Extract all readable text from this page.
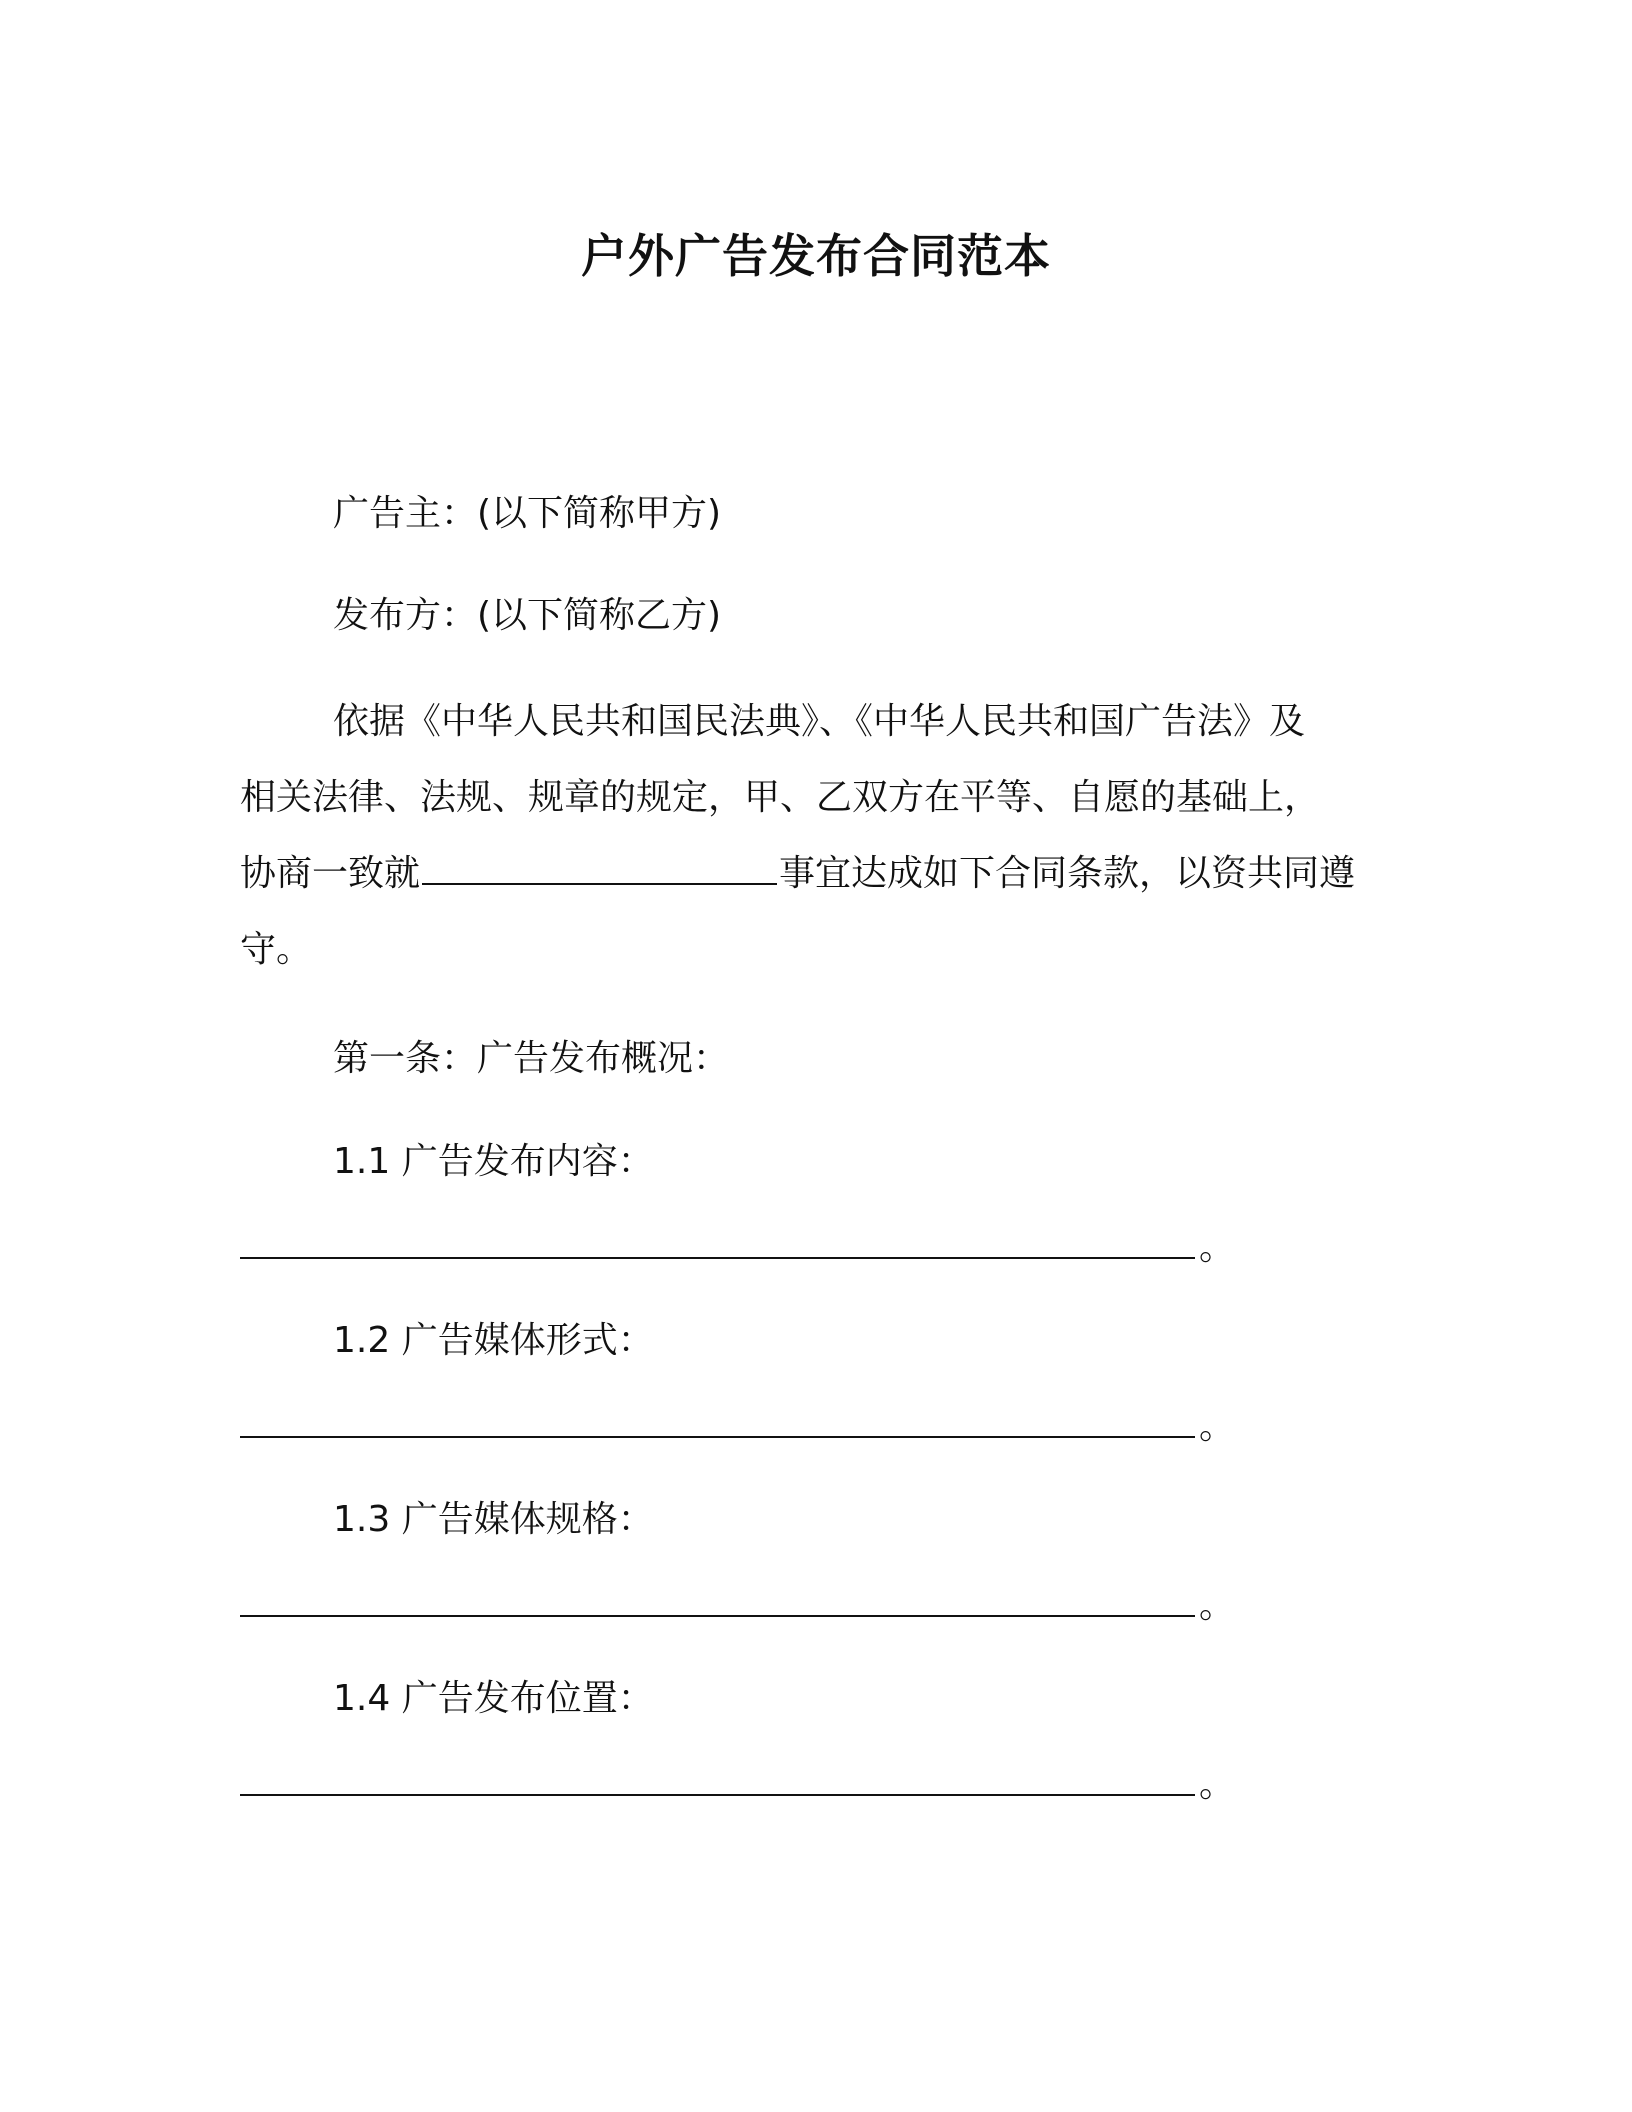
户外广告发布合同范本
广告主：(以下简称甲方)
发布方：(以下简称乙方)
依据《中华人民共和国民法典》、《中华人民共和国广告法》及
相关法律、法规、规章的规定，甲、乙双方在平等、自愿的基础上，
协商一致就	事宜达成如下合同条款，以资共同遵
守。
第一条：广告发布概况：
1.1 广告发布内容：
。
1.2 广告媒体形式：
。
1.3 广告媒体规格：
。
1.4 广告发布位置：
。
